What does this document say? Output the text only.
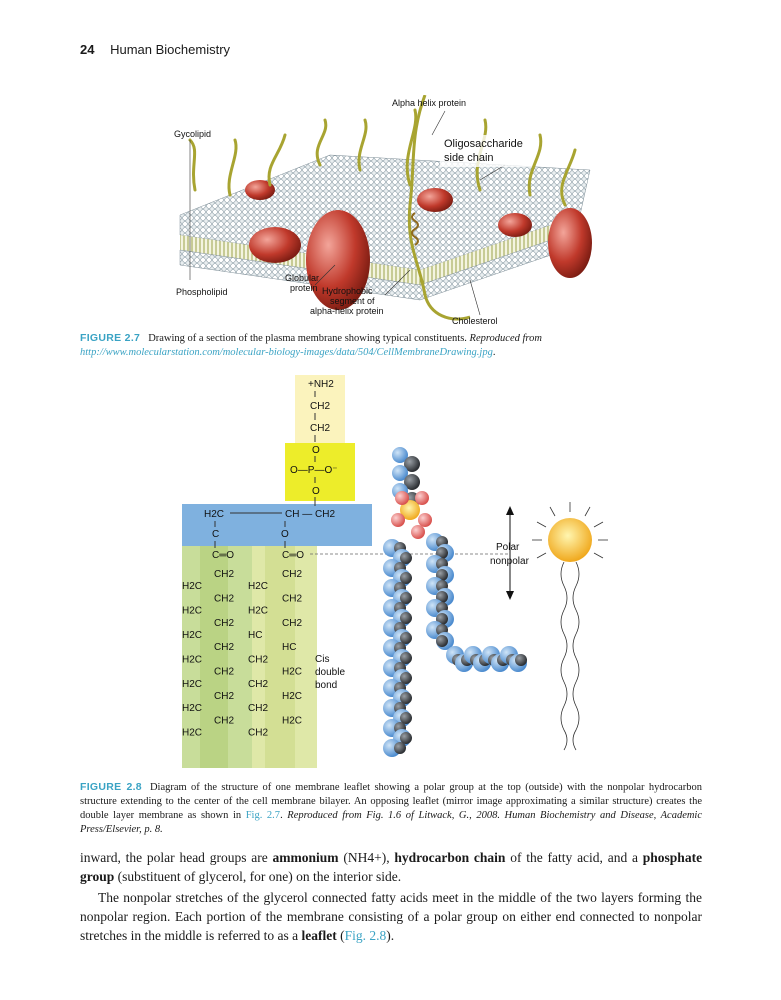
24 Human Biochemistry
Alpha helix protein
Gycolipid
Oligosaccharide
side chain
Globular
protein Hydrophobic
segment of
alpha-helix protein
Phospholipid
Cholesterol
FIGURE 2.7 Drawing of a section of the plasma membrane showing typical constituents. Reproduced from http://www.molecularstation.com/molecular-biology-images/data/504/CellMembraneDrawing.jpg.
+NH2
CH2
CH2
O
O—P—O⁻
O
H2C	CH — CH2
C	O
C═O	C═O
CH2
H2C
CH2
H2C
CH2
H2C
CH2
H2C
CH2
H2C
CH2
H2C
CH2
H2C
CH2
H2C
CH2
H2C
CH2
HC
HC
CH2
H2C
CH2
H2C
CH2
H2C
CH2
Cis
double
bond
Polar
nonpolar
FIGURE 2.8 Diagram of the structure of one membrane leaflet showing a polar group at the top (outside) with the nonpolar hydrocarbon structure extending to the center of the cell membrane bilayer. An opposing leaflet (mirror image approximating a similar structure) creates the double layer membrane as shown in Fig. 2.7. Reproduced from Fig. 1.6 of Litwack, G., 2008. Human Biochemistry and Disease, Academic Press/Elsevier, p. 8.
inward, the polar head groups are ammonium (NH4+), hydrocarbon chain of the fatty acid, and a phosphate group (substituent of glycerol, for one) on the interior side.
The nonpolar stretches of the glycerol connected fatty acids meet in the middle of the two layers forming the nonpolar region. Each portion of the membrane consisting of a polar group on either end connected to nonpolar stretches in the middle is referred to as a leaflet (Fig. 2.8).
